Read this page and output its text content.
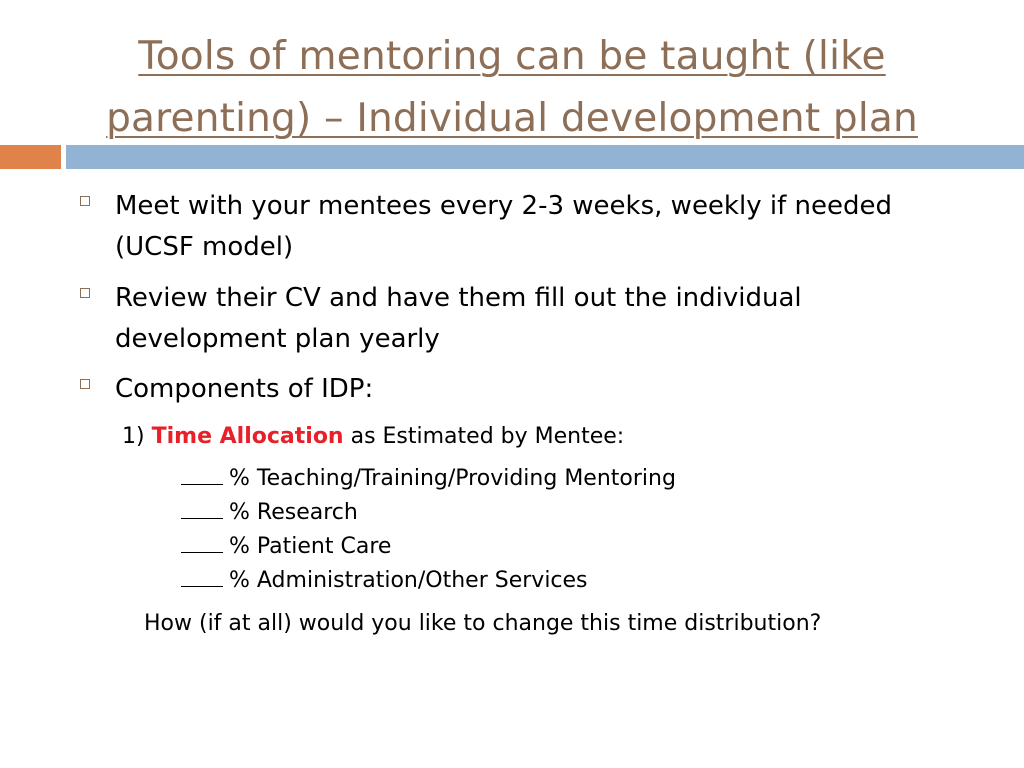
Tools of mentoring can be taught (like
parenting) – Individual development plan
Meet with your mentees every 2-3 weeks, weekly if needed
(UCSF model)
Review their CV and have them fill out the individual
development plan yearly
Components of IDP:
1) Time Allocation as Estimated by Mentee:
% Teaching/Training/Providing Mentoring
% Research
% Patient Care
% Administration/Other Services
How (if at all) would you like to change this time distribution?
